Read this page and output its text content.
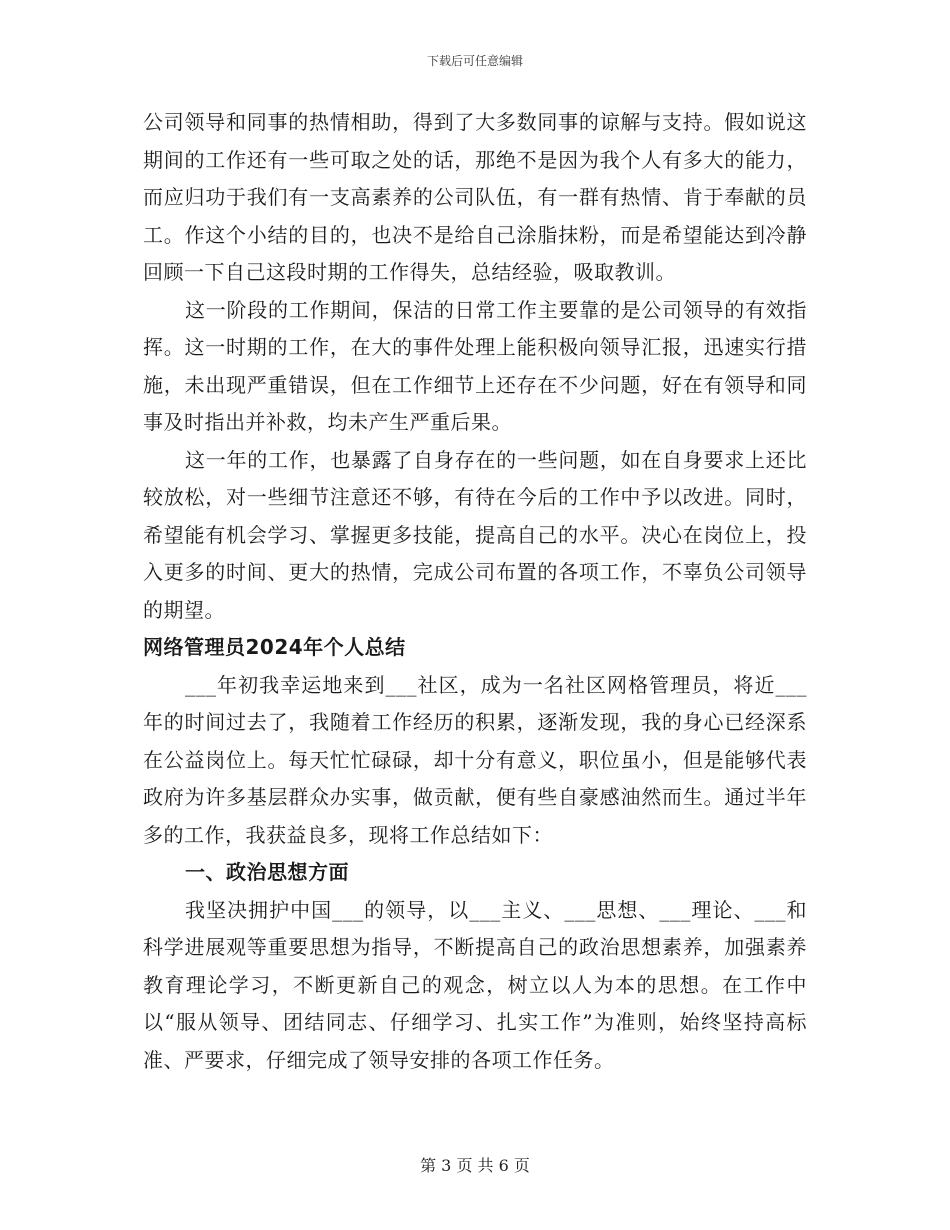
下载后可任意编辑

公司领导和同事的热情相助，得到了大多数同事的谅解与支持。假如说这期间的工作还有一些可取之处的话，那绝不是因为我个人有多大的能力，而应归功于我们有一支高素养的公司队伍，有一群有热情、肯于奉献的员工。作这个小结的目的，也决不是给自己涂脂抹粉，而是希望能达到冷静回顾一下自己这段时期的工作得失，总结经验，吸取教训。

这一阶段的工作期间，保洁的日常工作主要靠的是公司领导的有效指挥。这一时期的工作，在大的事件处理上能积极向领导汇报，迅速实行措施，未出现严重错误，但在工作细节上还存在不少问题，好在有领导和同事及时指出并补救，均未产生严重后果。

这一年的工作，也暴露了自身存在的一些问题，如在自身要求上还比较放松，对一些细节注意还不够，有待在今后的工作中予以改进。同时，希望能有机会学习、掌握更多技能，提高自己的水平。决心在岗位上，投入更多的时间、更大的热情，完成公司布置的各项工作，不辜负公司领导的期望。

网络管理员2024年个人总结

___年初我幸运地来到___社区，成为一名社区网格管理员，将近___年的时间过去了，我随着工作经历的积累，逐渐发现，我的身心已经深系在公益岗位上。每天忙忙碌碌，却十分有意义，职位虽小，但是能够代表政府为许多基层群众办实事，做贡献，便有些自豪感油然而生。通过半年多的工作，我获益良多，现将工作总结如下：

一、政治思想方面

我坚决拥护中国___的领导，以___主义、___思想、___理论、___和科学进展观等重要思想为指导，不断提高自己的政治思想素养，加强素养教育理论学习，不断更新自己的观念，树立以人为本的思想。在工作中以“服从领导、团结同志、仔细学习、扎实工作”为准则，始终坚持高标准、严要求，仔细完成了领导安排的各项工作任务。

第 3 页 共 6 页
